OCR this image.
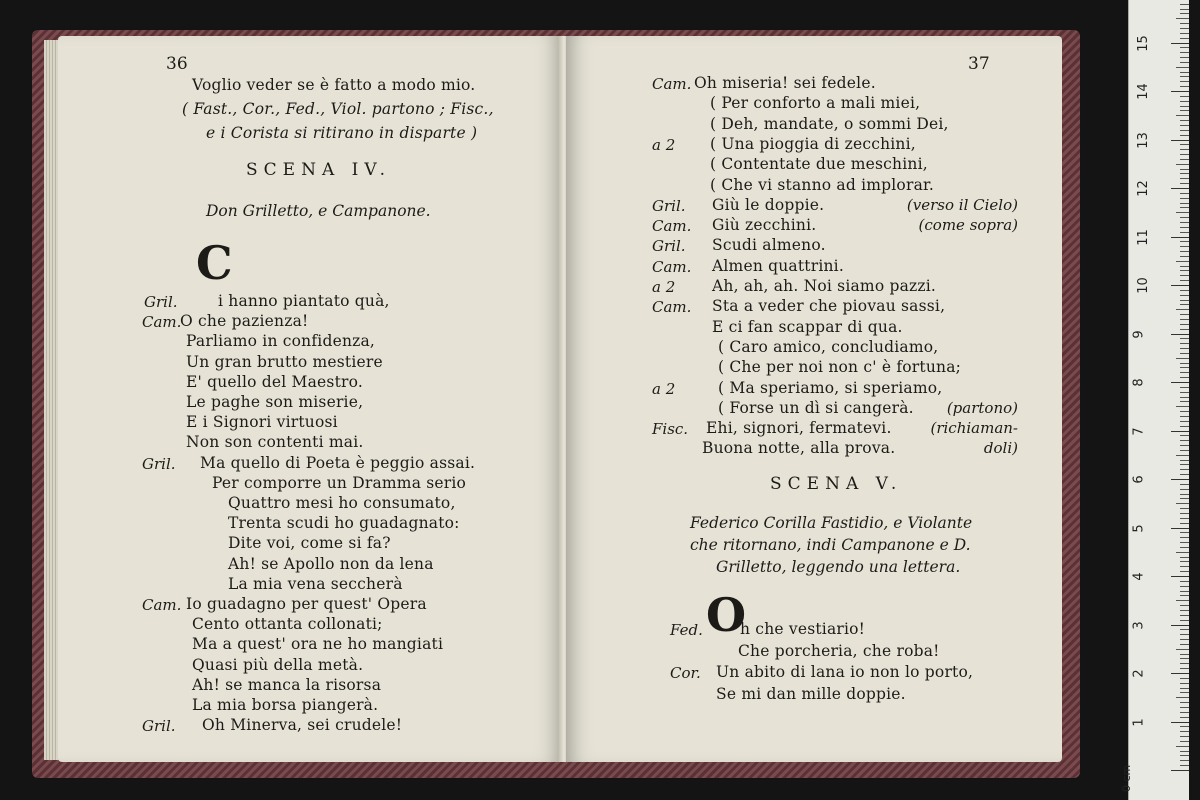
36
Voglio veder se è fatto a modo mio.
( Fast., Cor., Fed., Viol. partono ; Fisc.,
e i Corista si ritirano in disparte )
SCENA IV.
Don Grilletto, e Campanone.
C
Gril.	i hanno piantato quà,
Cam.
O che pazienza!
Parliamo in confidenza,
Un gran brutto mestiere
E' quello del Maestro.
Le paghe son miserie,
E i Signori virtuosi
Non son contenti mai.
Gril. Ma quello di Poeta è peggio assai.
Per comporre un Dramma serio
Quattro mesi ho consumato,
Trenta scudi ho guadagnato:
Dite voi, come si fa?
Ah! se Apollo non da lena
La mia vena seccherà
Cam. Io guadagno per quest' Opera
Cento ottanta collonati;
Ma a quest' ora ne ho mangiati
Quasi più della metà.
Ah! se manca la risorsa
La mia borsa piangerà.
Gril. Oh Minerva, sei crudele!
37
Cam. Oh miseria! sei fedele.
( Per conforto a mali miei,
( Deh, mandate, o sommi Dei,
a 2 ( Una pioggia di zecchini,
( Contentate due meschini,
( Che vi stanno ad implorar.
Gril. Giù le doppie.	(verso il Cielo)
Cam. Giù zecchini.	(come sopra)
Gril. Scudi almeno.
Cam. Almen quattrini.
a 2 Ah, ah, ah. Noi siamo pazzi.
Cam. Sta a veder che piovau sassi,
E ci fan scappar di qua.
( Caro amico, concludiamo,
( Che per noi non c' è fortuna;
a 2	( Ma speriamo, si speriamo,
( Forse un dì si cangerà. (partono)
Fisc. Ehi, signori, fermatevi.	(richiaman-
Buona notte, alla prova.	doli)
SCENA V.
Federico Corilla Fastidio, e Violante
che ritornano, indi Campanone e D.
Grilletto, leggendo una lettera.
O
Fed. h che vestiario!
Che porcheria, che roba!
Cor. Un abito di lana io non lo porto,
Se mi dan mille doppie.
0 cm
1
2
3
4
5
6
7
8
9
10
11
12
13
14
15
